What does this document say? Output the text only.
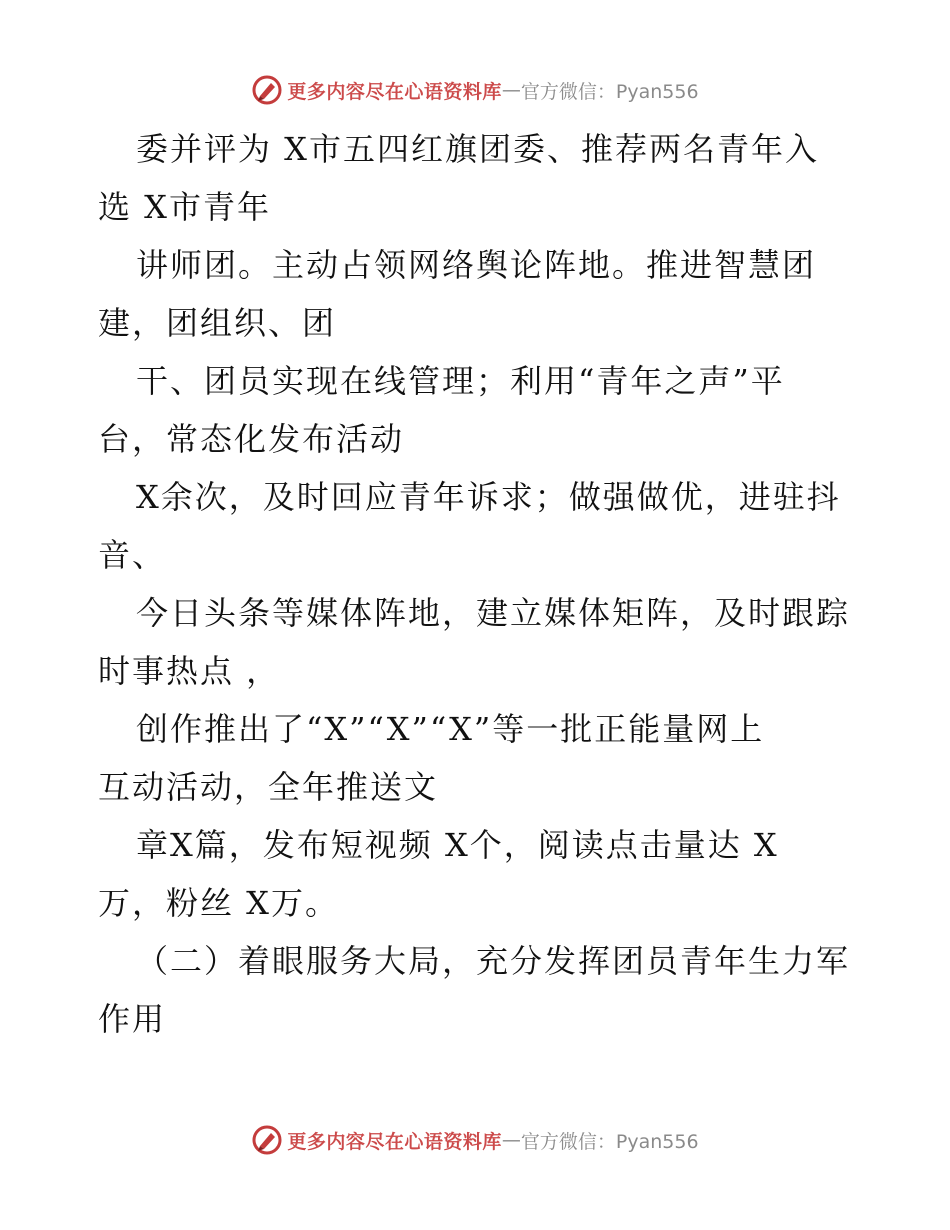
更多内容尽在心语资料库 — 官方微信：Pyan556
委并评为 X市五四红旗团委、推荐两名青年入
选 X市青年
讲师团。主动占领网络舆论阵地。推进智慧团
建，团组织、团
干、团员实现在线管理；利用“青年之声”平
台，常态化发布活动
X余次，及时回应青年诉求；做强做优，进驻抖
音、
今日头条等媒体阵地，建立媒体矩阵，及时跟踪
时事热点 ，
创作推出了“X”“X”“X”等一批正能量网上
互动活动，全年推送文
章X篇，发布短视频 X个，阅读点击量达 X
万，粉丝 X万。
（二）着眼服务大局，充分发挥团员青年生力军
作用
更多内容尽在心语资料库 — 官方微信：Pyan556
